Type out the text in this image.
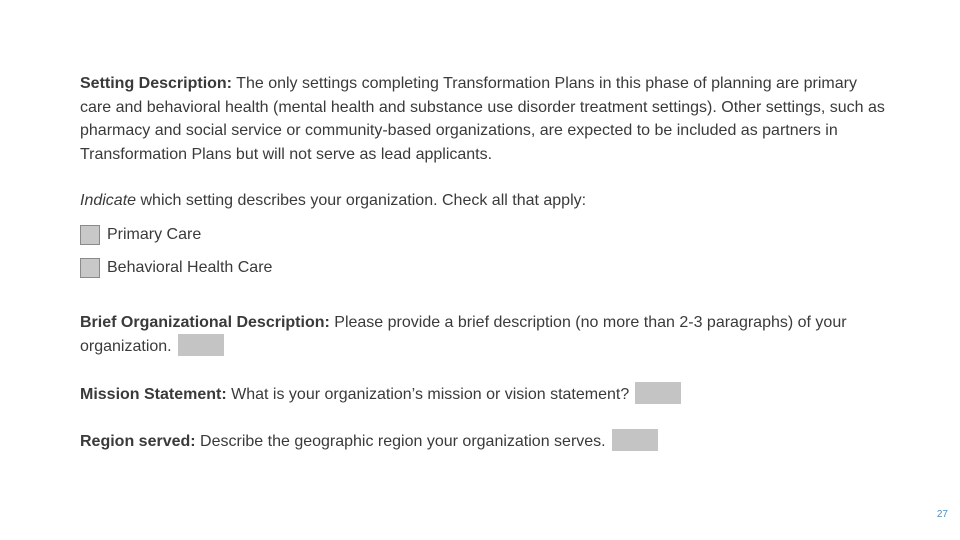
Setting Description: The only settings completing Transformation Plans in this phase of planning are primary care and behavioral health (mental health and substance use disorder treatment settings). Other settings, such as pharmacy and social service or community-based organizations, are expected to be included as partners in Transformation Plans but will not serve as lead applicants.

Indicate which setting describes your organization. Check all that apply:

Primary Care
Behavioral Health Care

Brief Organizational Description: Please provide a brief description (no more than 2-3 paragraphs) of your organization.

Mission Statement: What is your organization’s mission or vision statement?

Region served: Describe the geographic region your organization serves.

27
